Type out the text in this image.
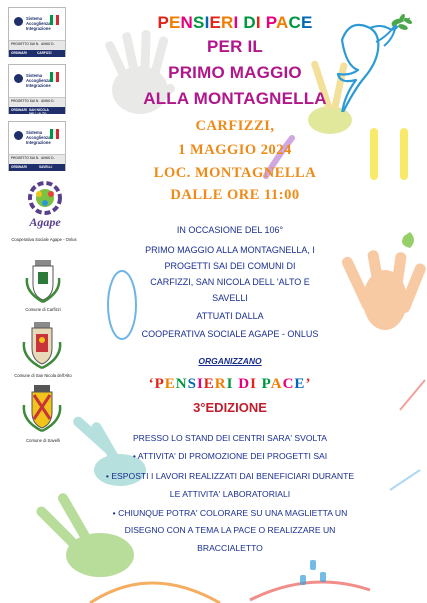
Sistema
Accoglienza
Integrazione
PROGETTO SAI N. ANNO D.
ORDINARI	CARFIZZI
Sistema
Accoglienza
Integrazione
PROGETTO SAI N. ANNO D.
ORDINARI SAN NICOLA DELL'ALTO
Sistema
Accoglienza
Integrazione
PROGETTO SAI N. ANNO D.
ORDINARI	SAVELLI
Agape
Cooperativa Sociale Agape - Onlus
Comune di Carfizzi
Comune di San Nicola dell'Alto
Comune di Savelli
PENSIERI DI PACE
PER IL
PRIMO MAGGIO
ALLA MONTAGNELLA
CARFIZZI,
1 MAGGIO 2024
LOC. MONTAGNELLA
DALLE ORE 11:00
IN OCCASIONE DEL 106°
PRIMO MAGGIO ALLA MONTAGNELLA, I
PROGETTI SAI DEI COMUNI DI
CARFIZZI, SAN NICOLA DELL 'ALTO E
SAVELLI
ATTUATI DALLA
COOPERATIVA SOCIALE AGAPE - ONLUS
ORGANIZZANO
‘PENSIERI DI PACE’
3°EDIZIONE
PRESSO LO STAND DEI CENTRI SARA' SVOLTA
• ATTIVITA' DI PROMOZIONE DEI PROGETTI SAI
• ESPOSTI I LAVORI REALIZZATI DAI BENEFICIARI DURANTE
LE ATTIVITA' LABORATORIALI
• CHIUNQUE POTRA' COLORARE SU UNA MAGLIETTA UN
DISEGNO CON A TEMA LA PACE O REALIZZARE UN
BRACCIALETTO
